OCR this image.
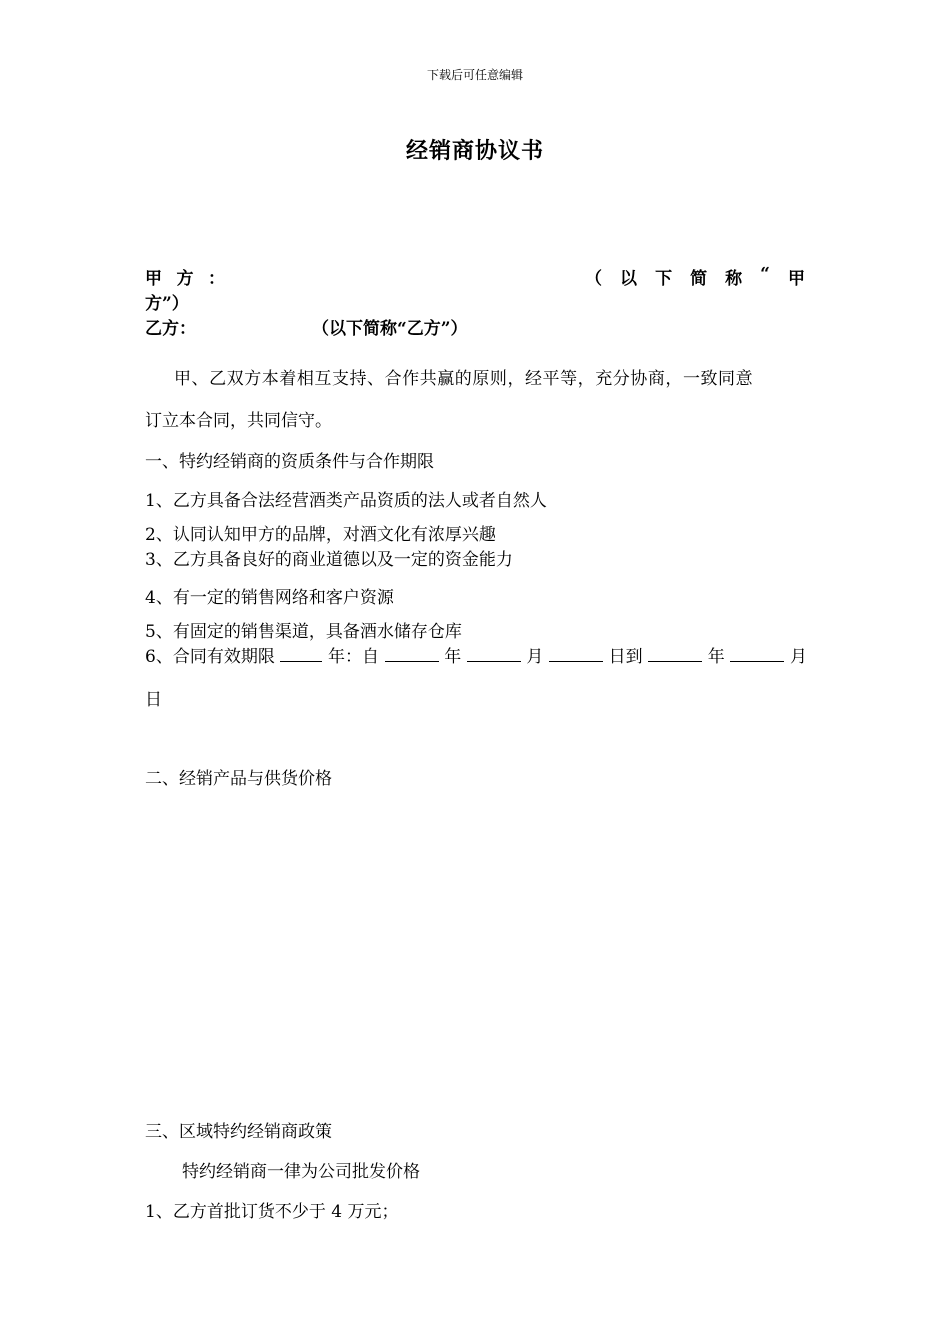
下载后可任意编辑
经销商协议书
甲 方 ：	（ 以 下 简 称 “ 甲
方”）
乙方：	（以下简称“乙方”）
甲、乙双方本着相互支持、合作共赢的原则，经平等，充分协商，一致同意
订立本合同，共同信守。
一、特约经销商的资质条件与合作期限
1、乙方具备合法经营酒类产品资质的法人或者自然人
2、认同认知甲方的品牌，对酒文化有浓厚兴趣
3、乙方具备良好的商业道德以及一定的资金能力
4、有一定的销售网络和客户资源
5、有固定的销售渠道，具备酒水储存仓库
6、合同有效期限	年：自	年	月	日到	年	月
日
二、经销产品与供货价格
三、区域特约经销商政策
特约经销商一律为公司批发价格
1、乙方首批订货不少于 4 万元；
